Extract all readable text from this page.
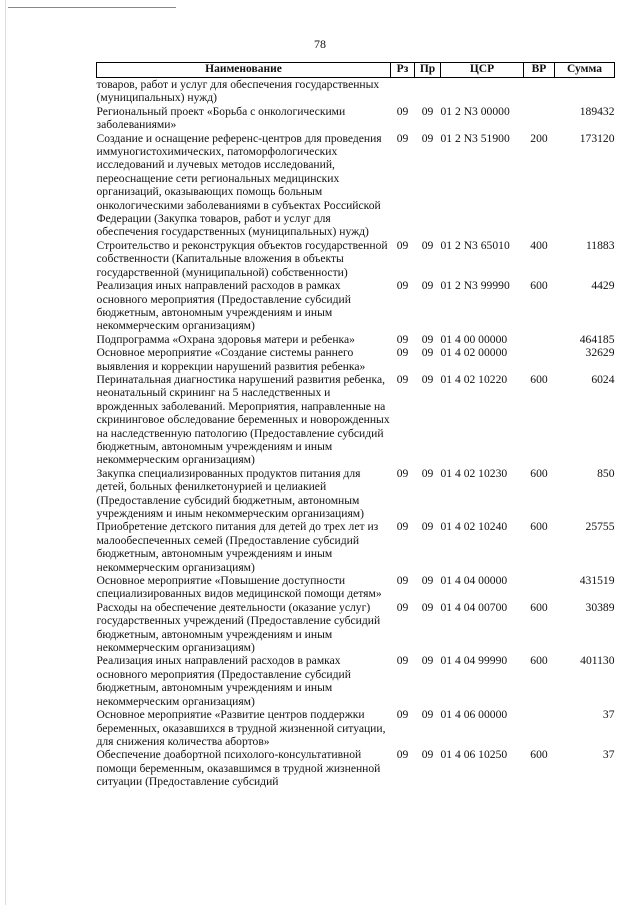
78
Наименование	Рз	Пр	ЦСР	ВР	Сумма
товаров, работ и услуг для обеспечения государственных (муниципальных) нужд)					
Региональный проект «Борьба с онкологическими заболеваниями»	09	09	01 2 N3 00000		189432
Создание и оснащение референс-центров для проведения иммуногистохимических, патоморфологических исследований и лучевых методов исследований, переоснащение сети региональных медицинских организаций, оказывающих помощь больным онкологическими заболеваниями в субъектах Российской Федерации (Закупка товаров, работ и услуг для обеспечения государственных (муниципальных) нужд)	09	09	01 2 N3 51900	200	173120
Строительство и реконструкция объектов государственной собственности (Капитальные вложения в объекты государственной (муниципальной) собственности)	09	09	01 2 N3 65010	400	11883
Реализация иных направлений расходов в рамках основного мероприятия (Предоставление субсидий бюджетным, автономным учреждениям и иным некоммерческим организациям)	09	09	01 2 N3 99990	600	4429
Подпрограмма «Охрана здоровья матери и ребенка»	09	09	01 4 00 00000		464185
Основное мероприятие «Создание системы раннего выявления и коррекции нарушений развития ребенка»	09	09	01 4 02 00000		32629
Перинатальная диагностика нарушений развития ребенка, неонатальный скрининг на 5 наследственных и врожденных заболеваний. Мероприятия, направленные на скрининговое обследование беременных и новорожденных на наследственную патологию (Предоставление субсидий бюджетным, автономным учреждениям и иным некоммерческим организациям)	09	09	01 4 02 10220	600	6024
Закупка специализированных продуктов питания для детей, больных фенилкетонурией и целиакией (Предоставление субсидий бюджетным, автономным учреждениям и иным некоммерческим организациям)	09	09	01 4 02 10230	600	850
Приобретение детского питания для детей до трех лет из малообеспеченных семей (Предоставление субсидий бюджетным, автономным учреждениям и иным некоммерческим организациям)	09	09	01 4 02 10240	600	25755
Основное мероприятие «Повышение доступности специализированных видов медицинской помощи детям»	09	09	01 4 04 00000		431519
Расходы на обеспечение деятельности (оказание услуг) государственных учреждений (Предоставление субсидий бюджетным, автономным учреждениям и иным некоммерческим организациям)	09	09	01 4 04 00700	600	30389
Реализация иных направлений расходов в рамках основного мероприятия (Предоставление субсидий бюджетным, автономным учреждениям и иным некоммерческим организациям)	09	09	01 4 04 99990	600	401130
Основное мероприятие «Развитие центров поддержки беременных, оказавшихся в трудной жизненной ситуации, для снижения количества абортов»	09	09	01 4 06 00000		37
Обеспечение доабортной психолого-консультативной помощи беременным, оказавшимся в трудной жизненной ситуации (Предоставление субсидий	09	09	01 4 06 10250	600	37
